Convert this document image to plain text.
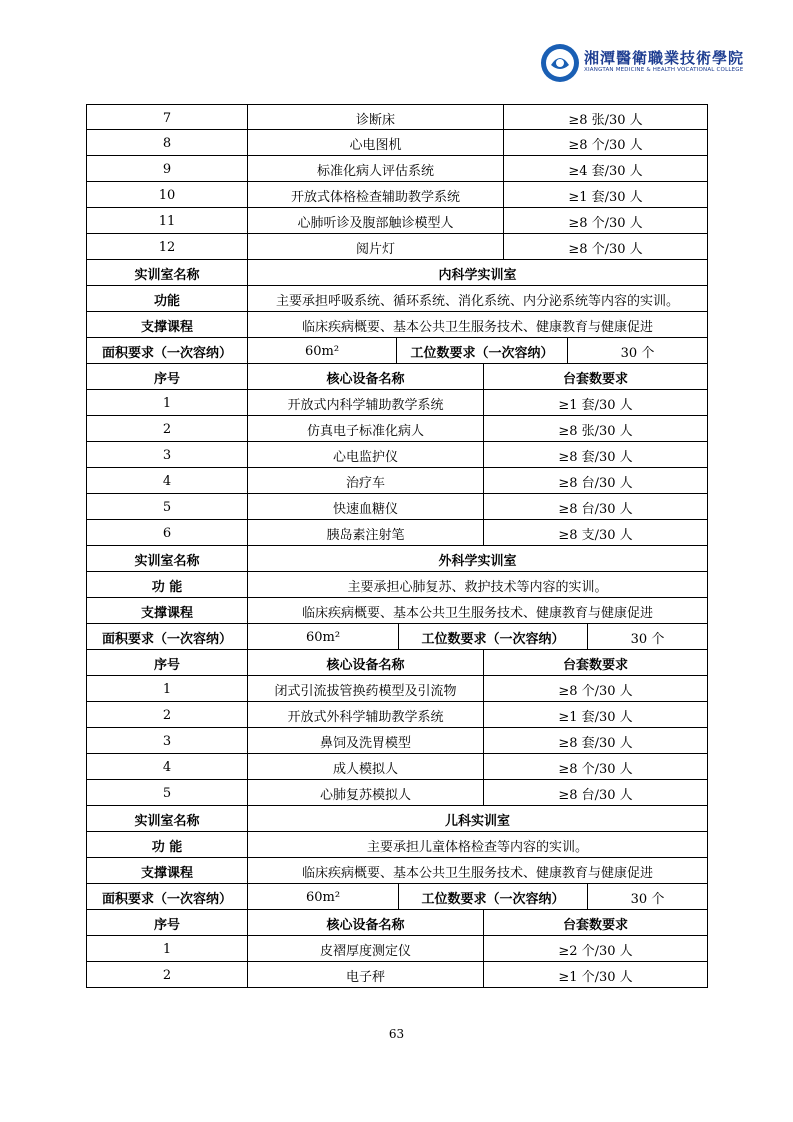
湘潭醫衛職業技術學院
XIANGTAN MEDICINE & HEALTH VOCATIONAL COLLEGE
7	诊断床	≥8 张/30 人
8	心电图机	≥8 个/30 人
9	标准化病人评估系统	≥4 套/30 人
10	开放式体格检查辅助教学系统	≥1 套/30 人
11	心肺听诊及腹部触诊模型人	≥8 个/30 人
12	阅片灯	≥8 个/30 人
实训室名称	内科学实训室
功能	主要承担呼吸系统、循环系统、消化系统、内分泌系统等内容的实训。
支撑课程	临床疾病概要、基本公共卫生服务技术、健康教育与健康促进
面积要求（一次容纳）	60m²	工位数要求（一次容纳）	30 个
序号	核心设备名称	台套数要求
1	开放式内科学辅助教学系统	≥1 套/30 人
2	仿真电子标准化病人	≥8 张/30 人
3	心电监护仪	≥8 套/30 人
4	治疗车	≥8 台/30 人
5	快速血糖仪	≥8 台/30 人
6	胰岛素注射笔	≥8 支/30 人
实训室名称	外科学实训室
功 能	主要承担心肺复苏、救护技术等内容的实训。
支撑课程	临床疾病概要、基本公共卫生服务技术、健康教育与健康促进
面积要求（一次容纳）	60m²	工位数要求（一次容纳）	30 个
序号	核心设备名称	台套数要求
1	闭式引流拔管换药模型及引流物	≥8 个/30 人
2	开放式外科学辅助教学系统	≥1 套/30 人
3	鼻饲及洗胃模型	≥8 套/30 人
4	成人模拟人	≥8 个/30 人
5	心肺复苏模拟人	≥8 台/30 人
实训室名称	儿科实训室
功 能	主要承担儿童体格检查等内容的实训。
支撑课程	临床疾病概要、基本公共卫生服务技术、健康教育与健康促进
面积要求（一次容纳）	60m²	工位数要求（一次容纳）	30 个
序号	核心设备名称	台套数要求
1	皮褶厚度测定仪	≥2 个/30 人
2	电子秤	≥1 个/30 人
63
